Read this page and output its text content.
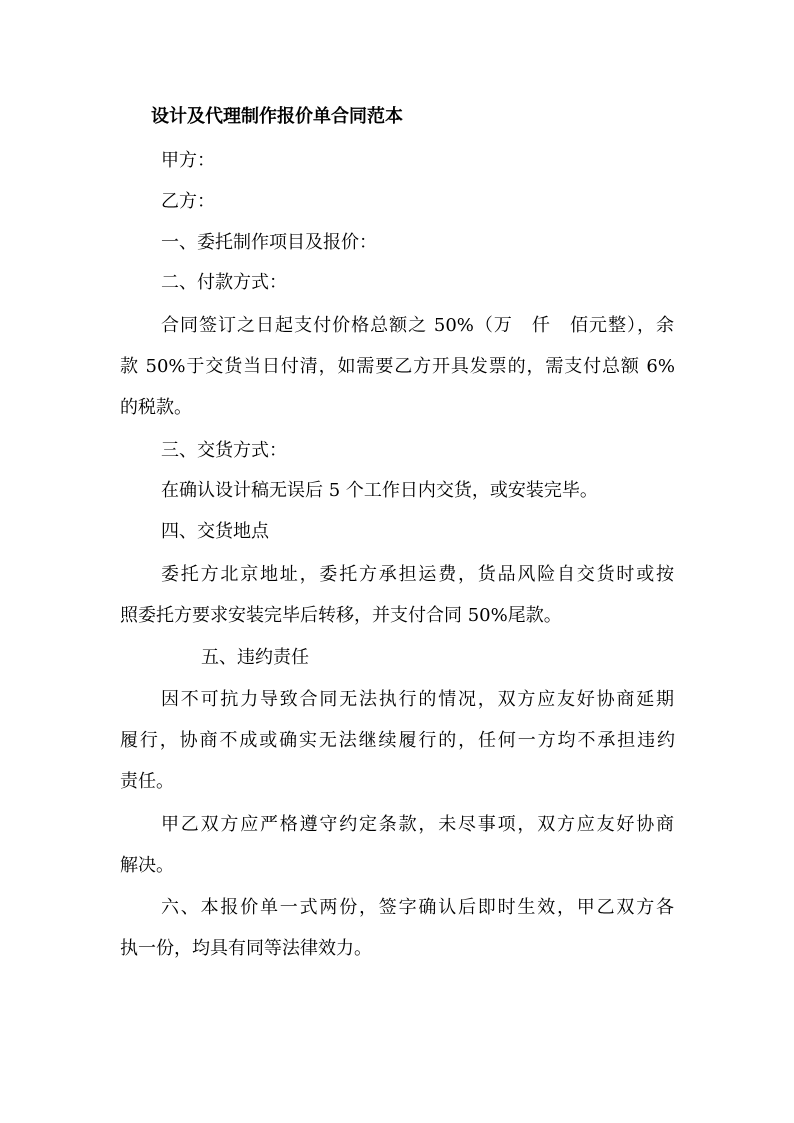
设计及代理制作报价单合同范本
甲方：
乙方：
一、委托制作项目及报价：
二、付款方式：
合同签订之日起支付价格总额之 50%（万　仟　佰元整），余
款 50%于交货当日付清，如需要乙方开具发票的，需支付总额 6%
的税款。
三、交货方式：
在确认设计稿无误后 5 个工作日内交货，或安装完毕。
四、交货地点
委托方北京地址，委托方承担运费，货品风险自交货时或按
照委托方要求安装完毕后转移，并支付合同 50%尾款。
五、违约责任
因不可抗力导致合同无法执行的情况，双方应友好协商延期
履行，协商不成或确实无法继续履行的，任何一方均不承担违约
责任。
甲乙双方应严格遵守约定条款，未尽事项，双方应友好协商
解决。
六、本报价单一式两份，签字确认后即时生效，甲乙双方各
执一份，均具有同等法律效力。
